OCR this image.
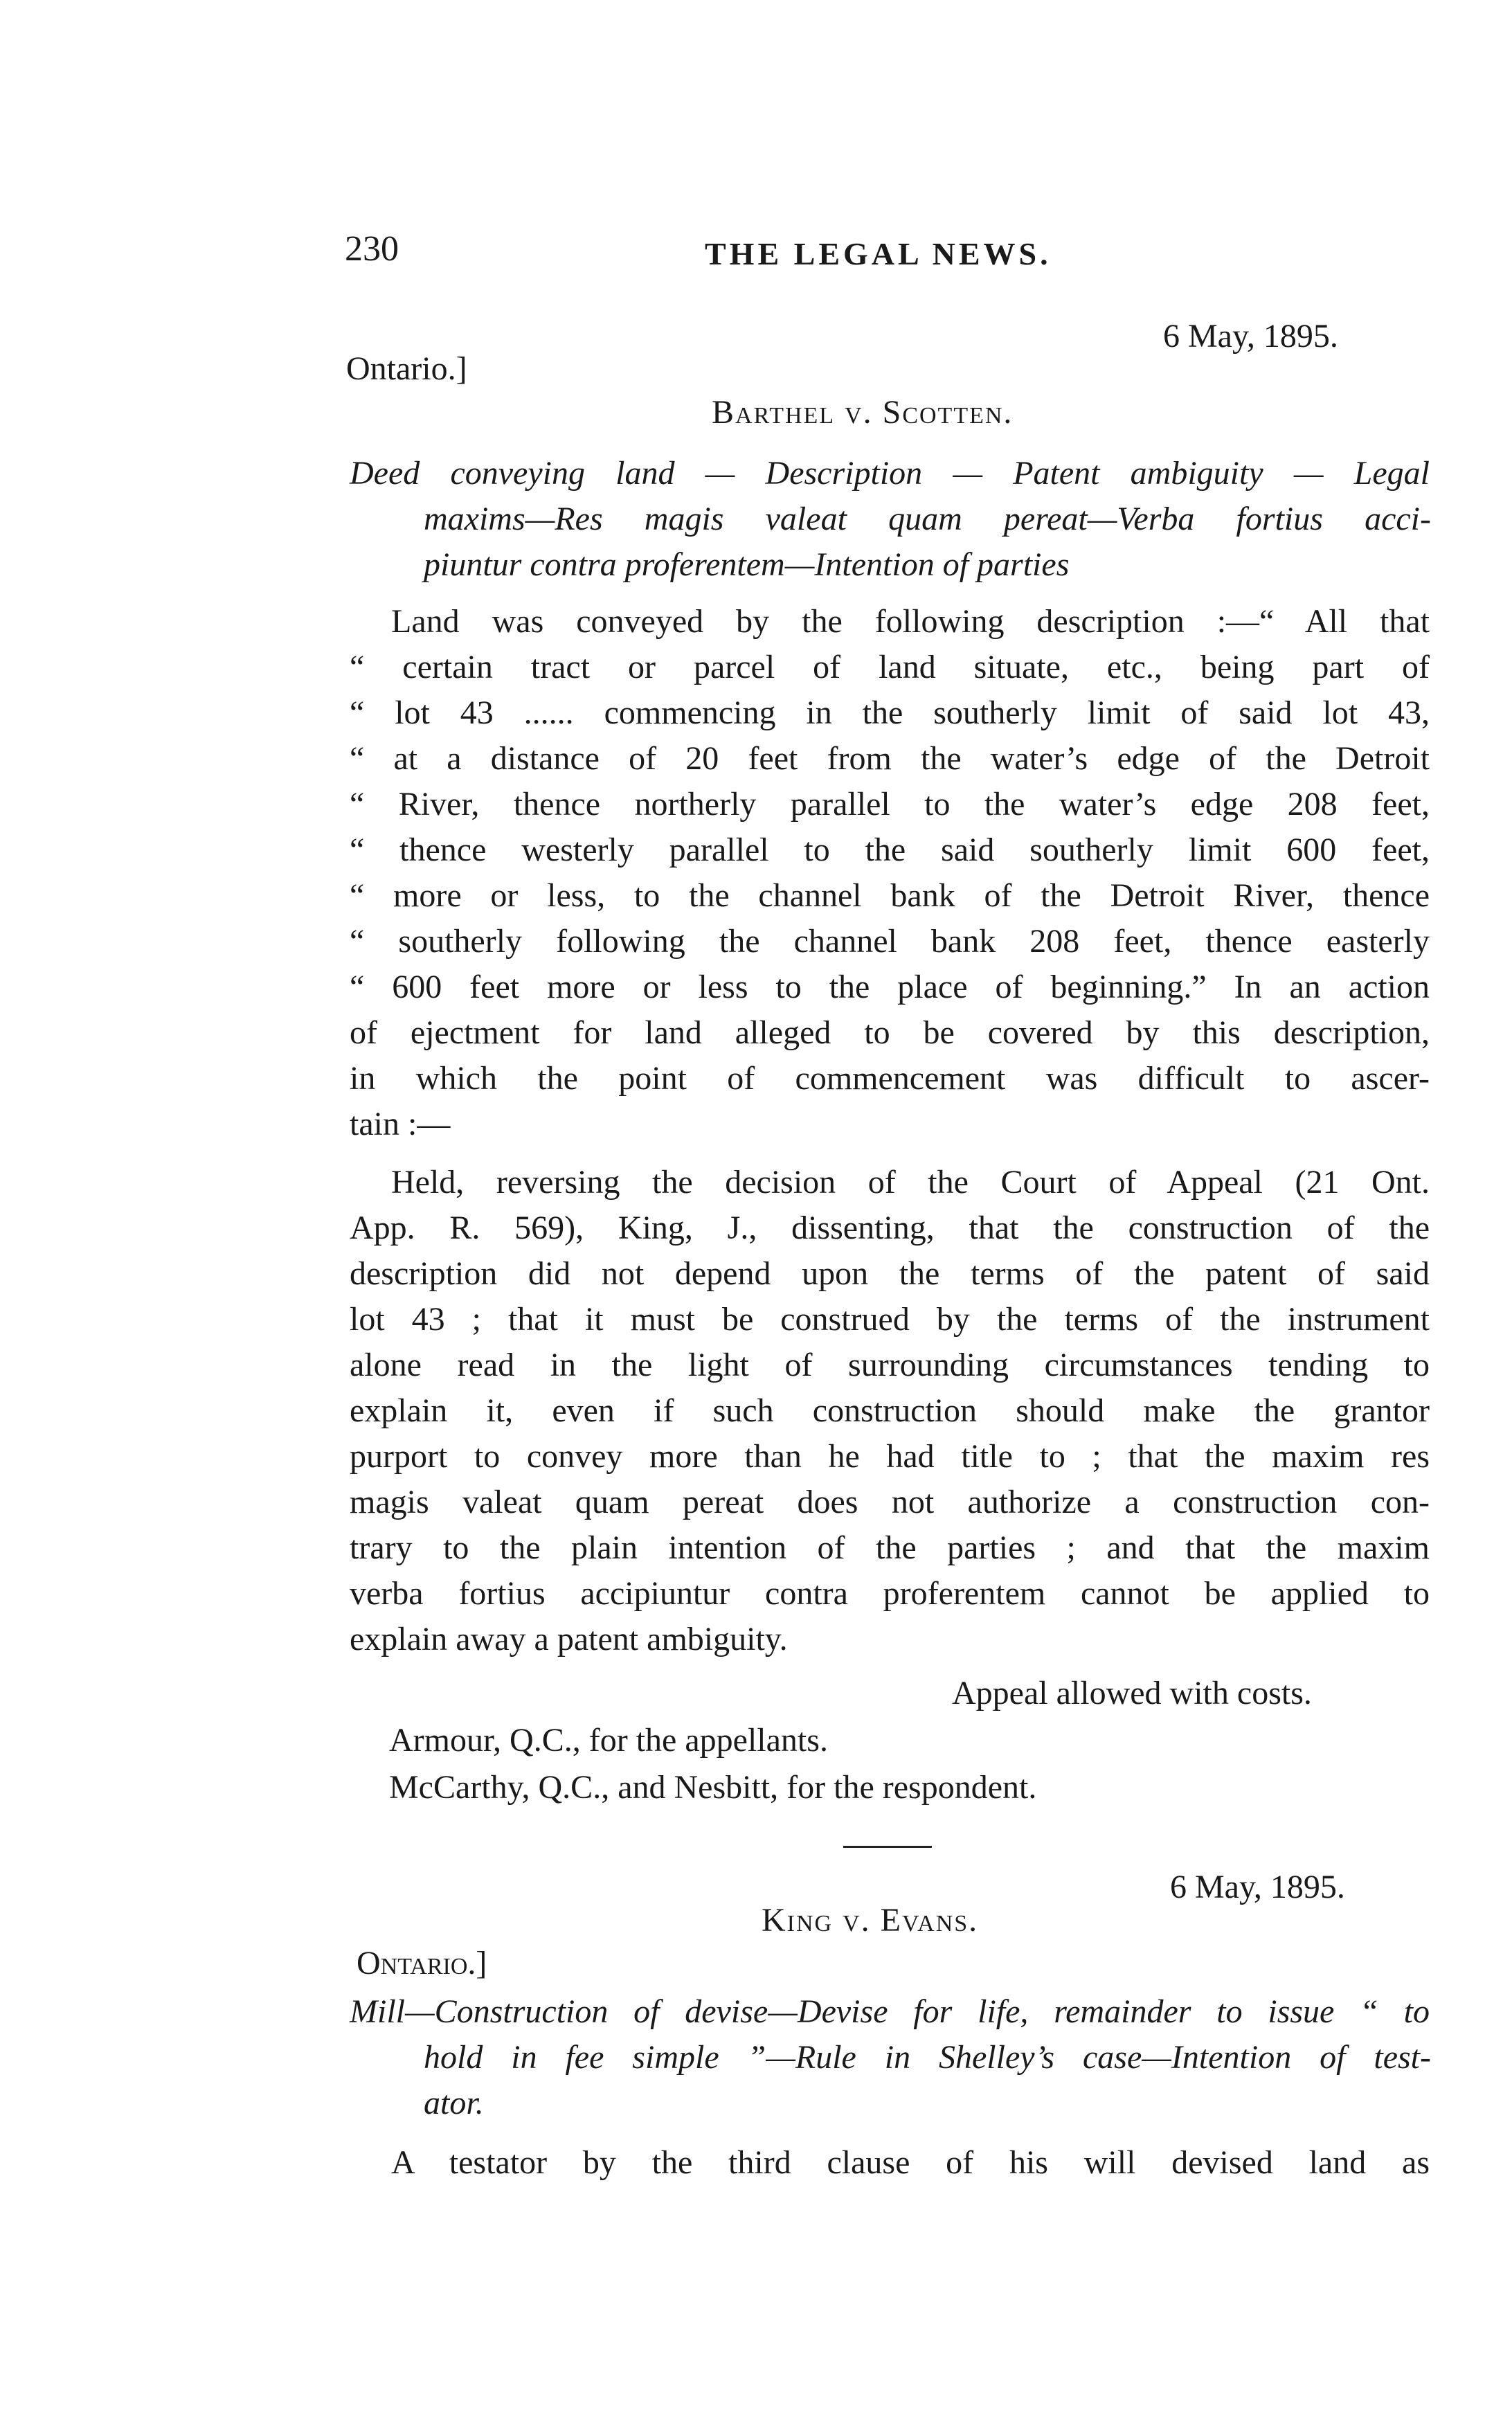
230	THE LEGAL NEWS.
6 May, 1895.
Ontario.]
Barthel v. Scotten.
Deed conveying land — Description — Patent ambiguity — Legal
maxims—Res magis valeat quam pereat—Verba fortius acci-
piuntur contra proferentem—Intention of parties
Land was conveyed by the following description :—“ All that
“ certain tract or parcel of land situate, etc., being part of
“ lot 43 ...... commencing in the southerly limit of said lot 43,
“ at a distance of 20 feet from the water’s edge of the Detroit
“ River, thence northerly parallel to the water’s edge 208 feet,
“ thence westerly parallel to the said southerly limit 600 feet,
“ more or less, to the channel bank of the Detroit River, thence
“ southerly following the channel bank 208 feet, thence easterly
“ 600 feet more or less to the place of beginning.” In an action
of ejectment for land alleged to be covered by this description,
in which the point of commencement was difficult to ascer-
tain :—
Held, reversing the decision of the Court of Appeal (21 Ont.
App. R. 569), King, J., dissenting, that the construction of the
description did not depend upon the terms of the patent of said
lot 43 ; that it must be construed by the terms of the instrument
alone read in the light of surrounding circumstances tending to
explain it, even if such construction should make the grantor
purport to convey more than he had title to ; that the maxim res
magis valeat quam pereat does not authorize a construction con-
trary to the plain intention of the parties ; and that the maxim
verba fortius accipiuntur contra proferentem cannot be applied to
explain away a patent ambiguity.
Appeal allowed with costs.
Armour, Q.C., for the appellants.
McCarthy, Q.C., and Nesbitt, for the respondent.
6 May, 1895.
King v. Evans.
Ontario.]
Mill—Construction of devise—Devise for life, remainder to issue “ to
hold in fee simple ”—Rule in Shelley’s case—Intention of test-
ator.
A testator by the third clause of his will devised land as
